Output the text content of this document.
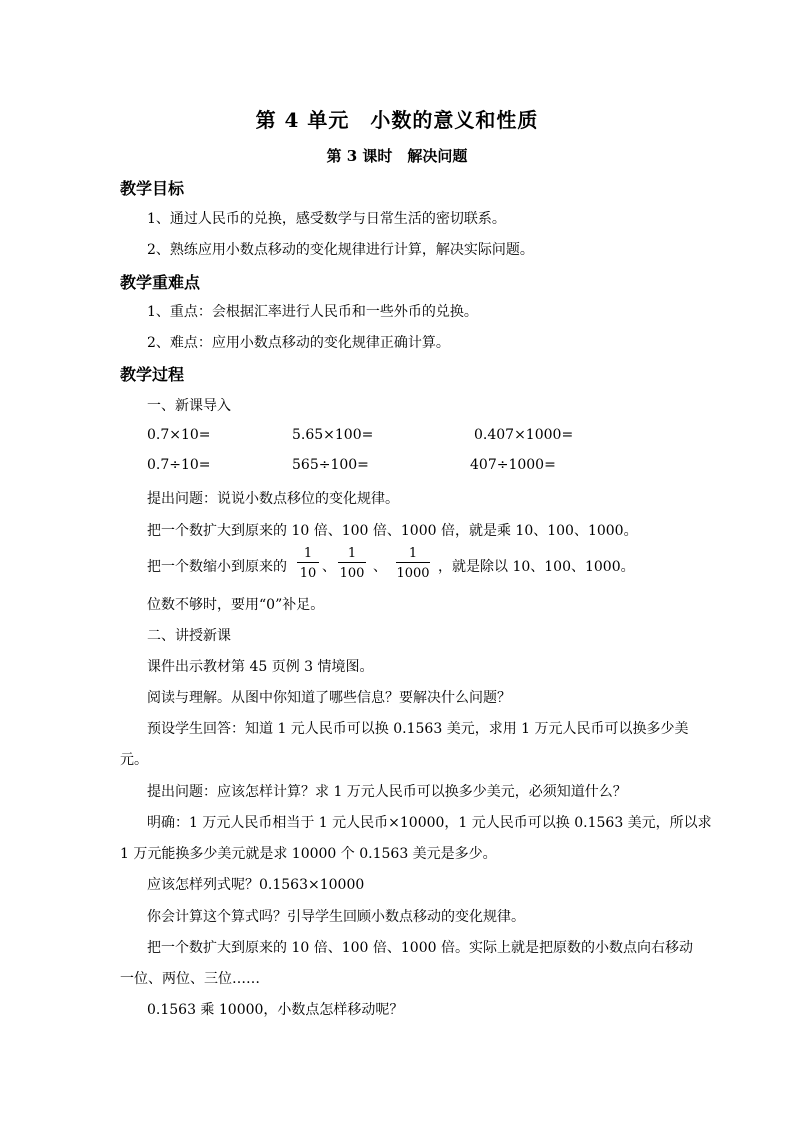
第 4 单元　小数的意义和性质
第 3 课时　解决问题
教学目标
1、通过人民币的兑换，感受数学与日常生活的密切联系。
2、熟练应用小数点移动的变化规律进行计算，解决实际问题。
教学重难点
1、重点：会根据汇率进行人民币和一些外币的兑换。
2、难点：应用小数点移动的变化规律正确计算。
教学过程
一、新课导入
0.7×10=	5.65×100=	0.407×1000=
0.7÷10=	565÷100=	407÷1000=
提出问题：说说小数点移位的变化规律。
把一个数扩大到原来的 10 倍、100 倍、1000 倍，就是乘 10、100、1000。
把一个数缩小到原来的
1
10 、
1
100 、
1
1000 ，就是除以 10、100、1000。
位数不够时，要用“0”补足。
二、讲授新课
课件出示教材第 45 页例 3 情境图。
阅读与理解。从图中你知道了哪些信息？要解决什么问题？
预设学生回答：知道 1 元人民币可以换 0.1563 美元，求用 1 万元人民币可以换多少美
元。
提出问题：应该怎样计算？求 1 万元人民币可以换多少美元，必须知道什么？
明确：1 万元人民币相当于 1 元人民币×10000，1 元人民币可以换 0.1563 美元，所以求
1 万元能换多少美元就是求 10000 个 0.1563 美元是多少。
应该怎样列式呢？0.1563×10000
你会计算这个算式吗？引导学生回顾小数点移动的变化规律。
把一个数扩大到原来的 10 倍、100 倍、1000 倍。实际上就是把原数的小数点向右移动
一位、两位、三位……
0.1563 乘 10000，小数点怎样移动呢？
